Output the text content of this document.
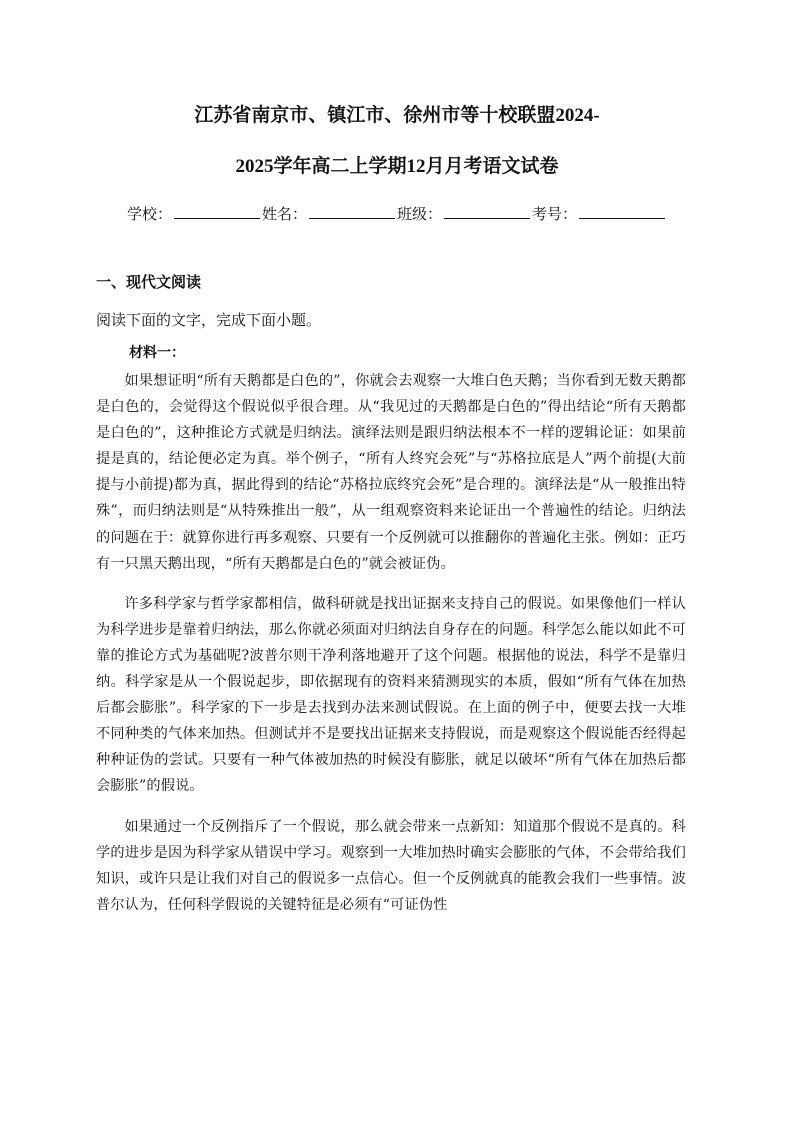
江苏省南京市、镇江市、徐州市等十校联盟2024-
2025学年高二上学期12月月考语文试卷
学校：	姓名：	班级：	考号：
一、现代文阅读

阅读下面的文字，完成下面小题。

材料一：

如果想证明“所有天鹅都是白色的”，你就会去观察一大堆白色天鹅；当你看到无数天鹅都是白色的，会觉得这个假说似乎很合理。从“我见过的天鹅都是白色的”得出结论“所有天鹅都是白色的”，这种推论方式就是归纳法。演绎法则是跟归纳法根本不一样的逻辑论证：如果前提是真的，结论便必定为真。举个例子，“所有人终究会死”与“苏格拉底是人”两个前提(大前提与小前提)都为真，据此得到的结论“苏格拉底终究会死”是合理的。演绎法是“从一般推出特殊”，而归纳法则是“从特殊推出一般”，从一组观察资料来论证出一个普遍性的结论。归纳法的问题在于：就算你进行再多观察、只要有一个反例就可以推翻你的普遍化主张。例如：正巧有一只黑天鹅出现，“所有天鹅都是白色的”就会被证伪。

许多科学家与哲学家都相信，做科研就是找出证据来支持自己的假说。如果像他们一样认为科学进步是靠着归纳法，那么你就必须面对归纳法自身存在的问题。科学怎么能以如此不可靠的推论方式为基础呢?波普尔则干净利落地避开了这个问题。根据他的说法，科学不是靠归纳。科学家是从一个假说起步，即依据现有的资料来猜测现实的本质，假如“所有气体在加热后都会膨胀”。科学家的下一步是去找到办法来测试假说。在上面的例子中，便要去找一大堆不同种类的气体来加热。但测试并不是要找出证据来支持假说，而是观察这个假说能否经得起种种证伪的尝试。只要有一种气体被加热的时候没有膨胀，就足以破坏“所有气体在加热后都会膨胀”的假说。

如果通过一个反例指斥了一个假说，那么就会带来一点新知：知道那个假说不是真的。科学的进步是因为科学家从错误中学习。观察到一大堆加热时确实会膨胀的气体，不会带给我们知识，或许只是让我们对自己的假说多一点信心。但一个反例就真的能教会我们一些事情。波普尔认为，任何科学假说的关键特征是必须有“可证伪性
